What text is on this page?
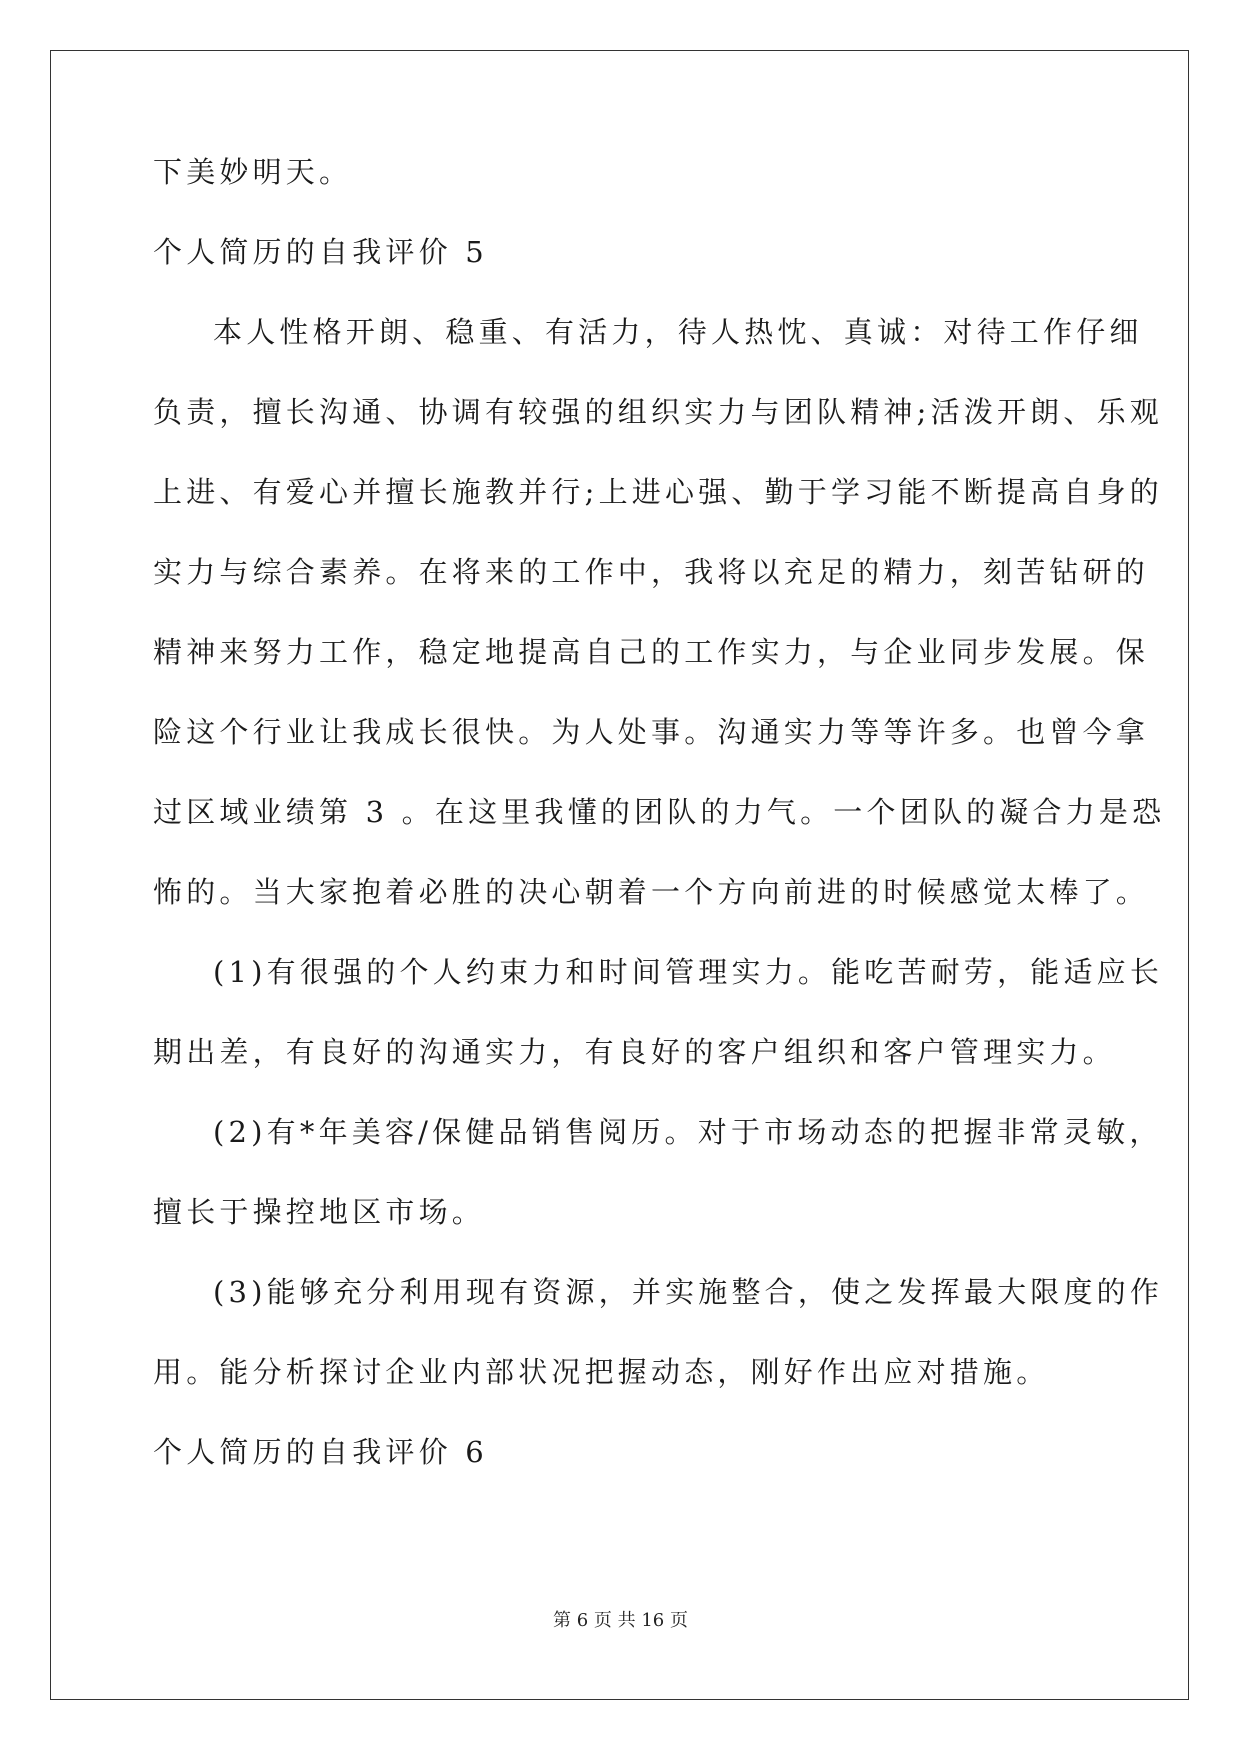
下美妙明天。
个人简历的自我评价 5
本人性格开朗、稳重、有活力，待人热忱、真诚：对待工作仔细
负责，擅长沟通、协调有较强的组织实力与团队精神;活泼开朗、乐观
上进、有爱心并擅长施教并行;上进心强、勤于学习能不断提高自身的
实力与综合素养。在将来的工作中，我将以充足的精力，刻苦钻研的
精神来努力工作，稳定地提高自己的工作实力，与企业同步发展。保
险这个行业让我成长很快。为人处事。沟通实力等等许多。也曾今拿
过区域业绩第 3 。在这里我懂的团队的力气。一个团队的凝合力是恐
怖的。当大家抱着必胜的决心朝着一个方向前进的时候感觉太棒了。
(1)有很强的个人约束力和时间管理实力。能吃苦耐劳，能适应长
期出差，有良好的沟通实力，有良好的客户组织和客户管理实力。
(2)有*年美容/保健品销售阅历。对于市场动态的把握非常灵敏，
擅长于操控地区市场。
(3)能够充分利用现有资源，并实施整合，使之发挥最大限度的作
用。能分析探讨企业内部状况把握动态，刚好作出应对措施。
个人简历的自我评价 6
第 6 页 共 16 页
